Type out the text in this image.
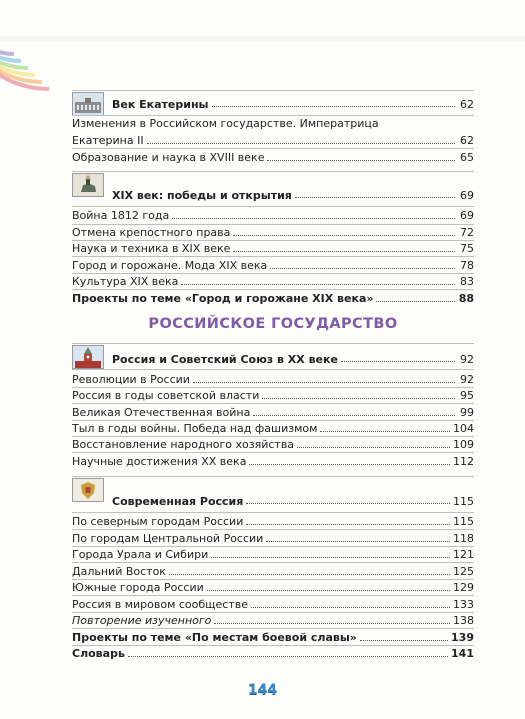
Век Екатерины	62
Изменения в Российском государстве. Императрица
Екатерина II	62
Образование и наука в XVIII веке	65
XIX век: победы и открытия	69
Война 1812 года	69
Отмена крепостного права	72
Наука и техника в XIX веке	75
Город и горожане. Мода XIX века	78
Культура XIX века	83
Проекты по теме «Город и горожане XIX века»	88
Россия и Советский Союз в XX веке	92
Революции в России	92
Россия в годы советской власти	95
Великая Отечественная война	99
Тыл в годы войны. Победа над фашизмом	104
Восстановление народного хозяйства	109
Научные достижения XX века	112
Современная Россия	115
По северным городам России	115
По городам Центральной России	118
Города Урала и Сибири	121
Дальний Восток	125
Южные города России	129
Россия в мировом сообществе	133
Повторение изученного	138
Проекты по теме «По местам боевой славы»	139
Словарь	141
РОССИЙСКОЕ ГОСУДАРСТВО
144
